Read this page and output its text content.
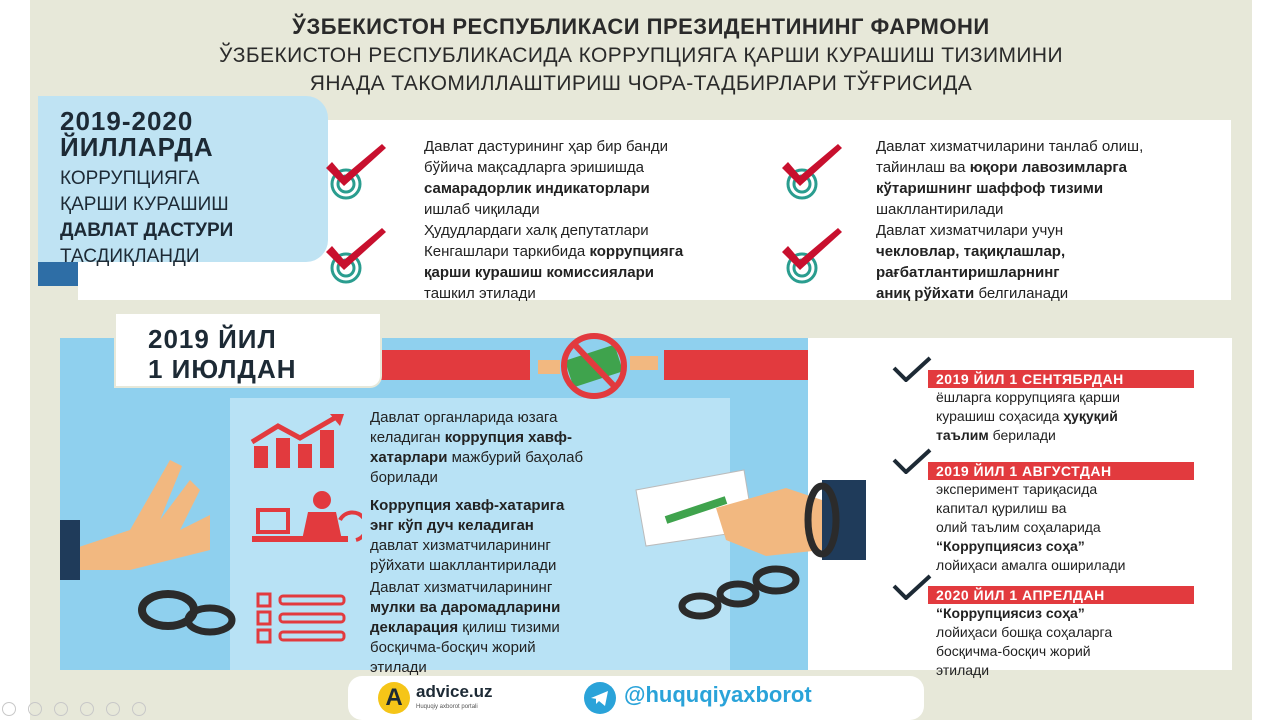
ЎЗБЕКИСТОН РЕСПУБЛИКАСИ ПРЕЗИДЕНТИНИНГ ФАРМОНИ
ЎЗБЕКИСТОН РЕСПУБЛИКАСИДА КОРРУПЦИЯГА ҚАРШИ КУРАШИШ ТИЗИМИНИ
ЯНАДА ТАКОМИЛЛАШТИРИШ ЧОРА-ТАДБИРЛАРИ ТЎҒРИСИДА
2019-2020
ЙИЛЛАРДА
КОРРУПЦИЯГА
ҚАРШИ КУРАШИШ
ДАВЛАТ ДАСТУРИ
ТАСДИҚЛАНДИ
Давлат дастурининг ҳар бир банди
бўйича мақсадларга эришишда
самарадорлик индикаторлари
ишлаб чиқилади
Давлат хизматчиларини танлаб олиш,
тайинлаш ва юқори лавозимларга
кўтаришнинг шаффоф тизими
шакллантирилади
Ҳудудлардаги халқ депутатлари
Кенгашлари таркибида коррупцияга
қарши курашиш комиссиялари
ташкил этилади
Давлат хизматчилари учун
чекловлар, тақиқлашлар,
рағбатлантиришларнинг
аниқ рўйхати белгиланади
2019 ЙИЛ
1 ИЮЛДАН
Давлат органларида юзага
келадиган коррупция хавф-
хатарлари мажбурий баҳолаб
борилади
Коррупция хавф-хатарига
энг кўп дуч келадиган
давлат хизматчиларининг
рўйхати шакллантирилади
Давлат хизматчиларининг
мулки ва даромадларини
декларация қилиш тизими
босқичма-босқич жорий
этилади
2019 ЙИЛ 1 СЕНТЯБРДАН
ёшларга коррупцияга қарши
курашиш соҳасида ҳуқуқий
таълим берилади
2019 ЙИЛ 1 АВГУСТДАН
эксперимент тариқасида
капитал қурилиш ва
олий таълим соҳаларида
“Коррупциясиз соҳа”
лойиҳаси амалга оширилади
2020 ЙИЛ 1 АПРЕЛДАН
“Коррупциясиз соҳа”
лойиҳаси бошқа соҳаларга
босқичма-босқич жорий
этилади
A advice.uz
Huquqiy axborot portali	@huquqiyaxborot
